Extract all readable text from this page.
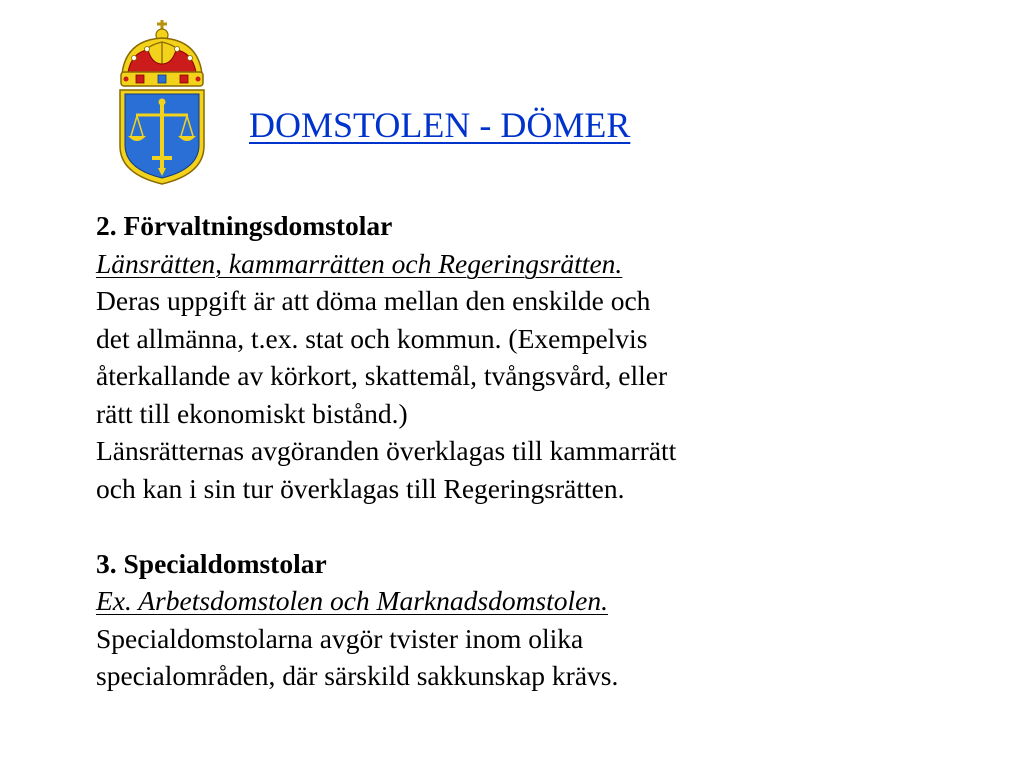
DOMSTOLEN - DÖMER
2. Förvaltningsdomstolar
Länsrätten, kammarrätten och Regeringsrätten.
Deras uppgift är att döma mellan den enskilde och
det allmänna, t.ex. stat och kommun. (Exempelvis
återkallande av körkort, skattemål, tvångsvård, eller
rätt till ekonomiskt bistånd.)
Länsrätternas avgöranden överklagas till kammarrätt
och kan i sin tur överklagas till Regeringsrätten.
3. Specialdomstolar
Ex. Arbetsdomstolen och Marknadsdomstolen.
Specialdomstolarna avgör tvister inom olika
specialområden, där särskild sakkunskap krävs.
